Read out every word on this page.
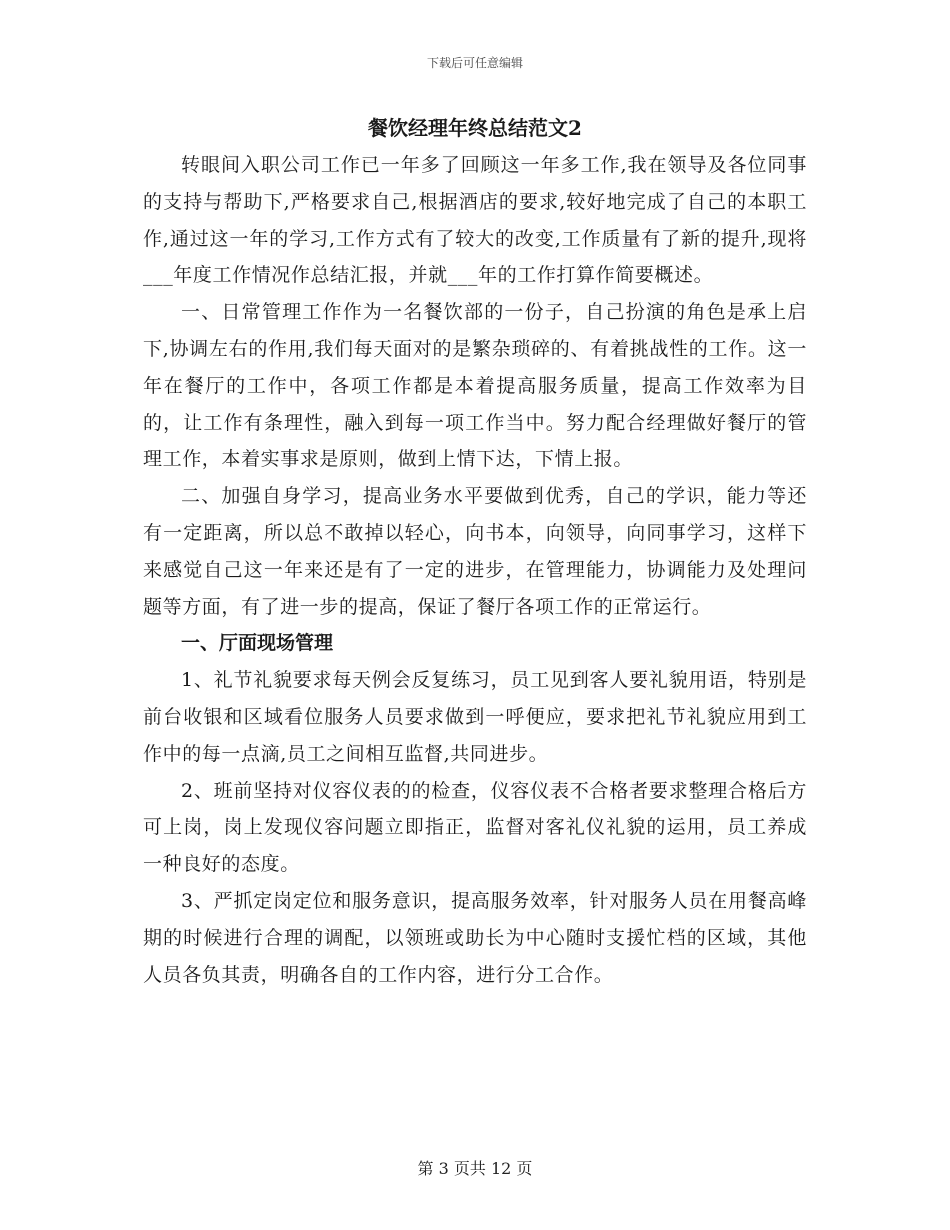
下载后可任意编辑
餐饮经理年终总结范文2

转眼间入职公司工作已一年多了回顾这一年多工作,我在领导及各位同事的支持与帮助下,严格要求自己,根据酒店的要求,较好地完成了自己的本职工作,通过这一年的学习,工作方式有了较大的改变,工作质量有了新的提升,现将___年度工作情况作总结汇报，并就___年的工作打算作简要概述。

一、日常管理工作作为一名餐饮部的一份子，自己扮演的角色是承上启下,协调左右的作用,我们每天面对的是繁杂琐碎的、有着挑战性的工作。这一年在餐厅的工作中，各项工作都是本着提高服务质量，提高工作效率为目的，让工作有条理性，融入到每一项工作当中。努力配合经理做好餐厅的管理工作，本着实事求是原则，做到上情下达，下情上报。

二、加强自身学习，提高业务水平要做到优秀，自己的学识，能力等还有一定距离，所以总不敢掉以轻心，向书本，向领导，向同事学习，这样下来感觉自己这一年来还是有了一定的进步，在管理能力，协调能力及处理问题等方面，有了进一步的提高，保证了餐厅各项工作的正常运行。

一、厅面现场管理

1、礼节礼貌要求每天例会反复练习，员工见到客人要礼貌用语，特别是前台收银和区域看位服务人员要求做到一呼便应，要求把礼节礼貌应用到工作中的每一点滴,员工之间相互监督,共同进步。

2、班前坚持对仪容仪表的的检查，仪容仪表不合格者要求整理合格后方可上岗，岗上发现仪容问题立即指正，监督对客礼仪礼貌的运用，员工养成一种良好的态度。

3、严抓定岗定位和服务意识，提高服务效率，针对服务人员在用餐高峰期的时候进行合理的调配，以领班或助长为中心随时支援忙档的区域，其他人员各负其责，明确各自的工作内容，进行分工合作。

第 3 页共 12 页
